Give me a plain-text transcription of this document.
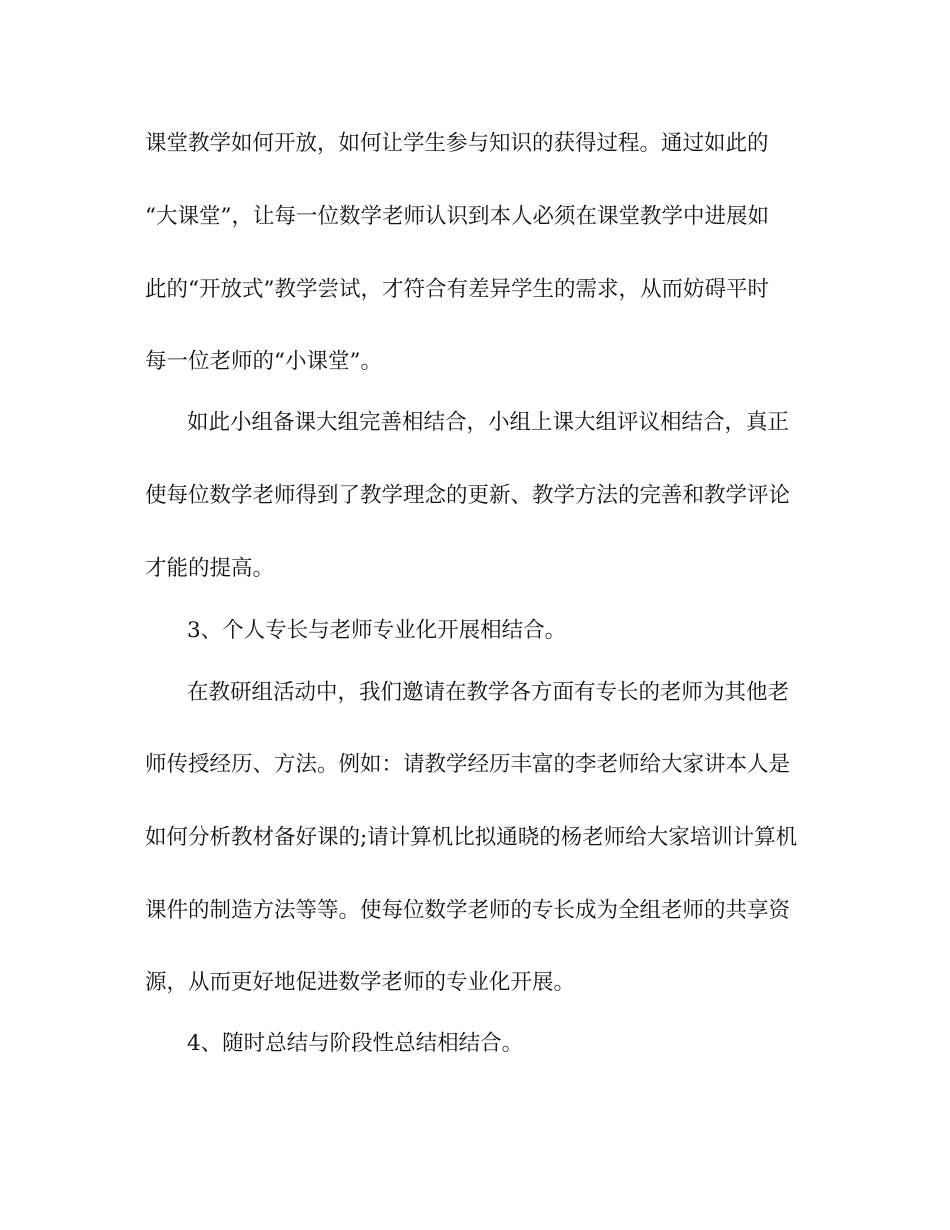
课堂教学如何开放，如何让学生参与知识的获得过程。通过如此的
“大课堂”，让每一位数学老师认识到本人必须在课堂教学中进展如
此的“开放式”教学尝试，才符合有差异学生的需求，从而妨碍平时
每一位老师的“小课堂”。
如此小组备课大组完善相结合，小组上课大组评议相结合，真正
使每位数学老师得到了教学理念的更新、教学方法的完善和教学评论
才能的提高。
3、个人专长与老师专业化开展相结合。
在教研组活动中，我们邀请在教学各方面有专长的老师为其他老
师传授经历、方法。例如：请教学经历丰富的李老师给大家讲本人是
如何分析教材备好课的;请计算机比拟通晓的杨老师给大家培训计算机
课件的制造方法等等。使每位数学老师的专长成为全组老师的共享资
源，从而更好地促进数学老师的专业化开展。
4、随时总结与阶段性总结相结合。
